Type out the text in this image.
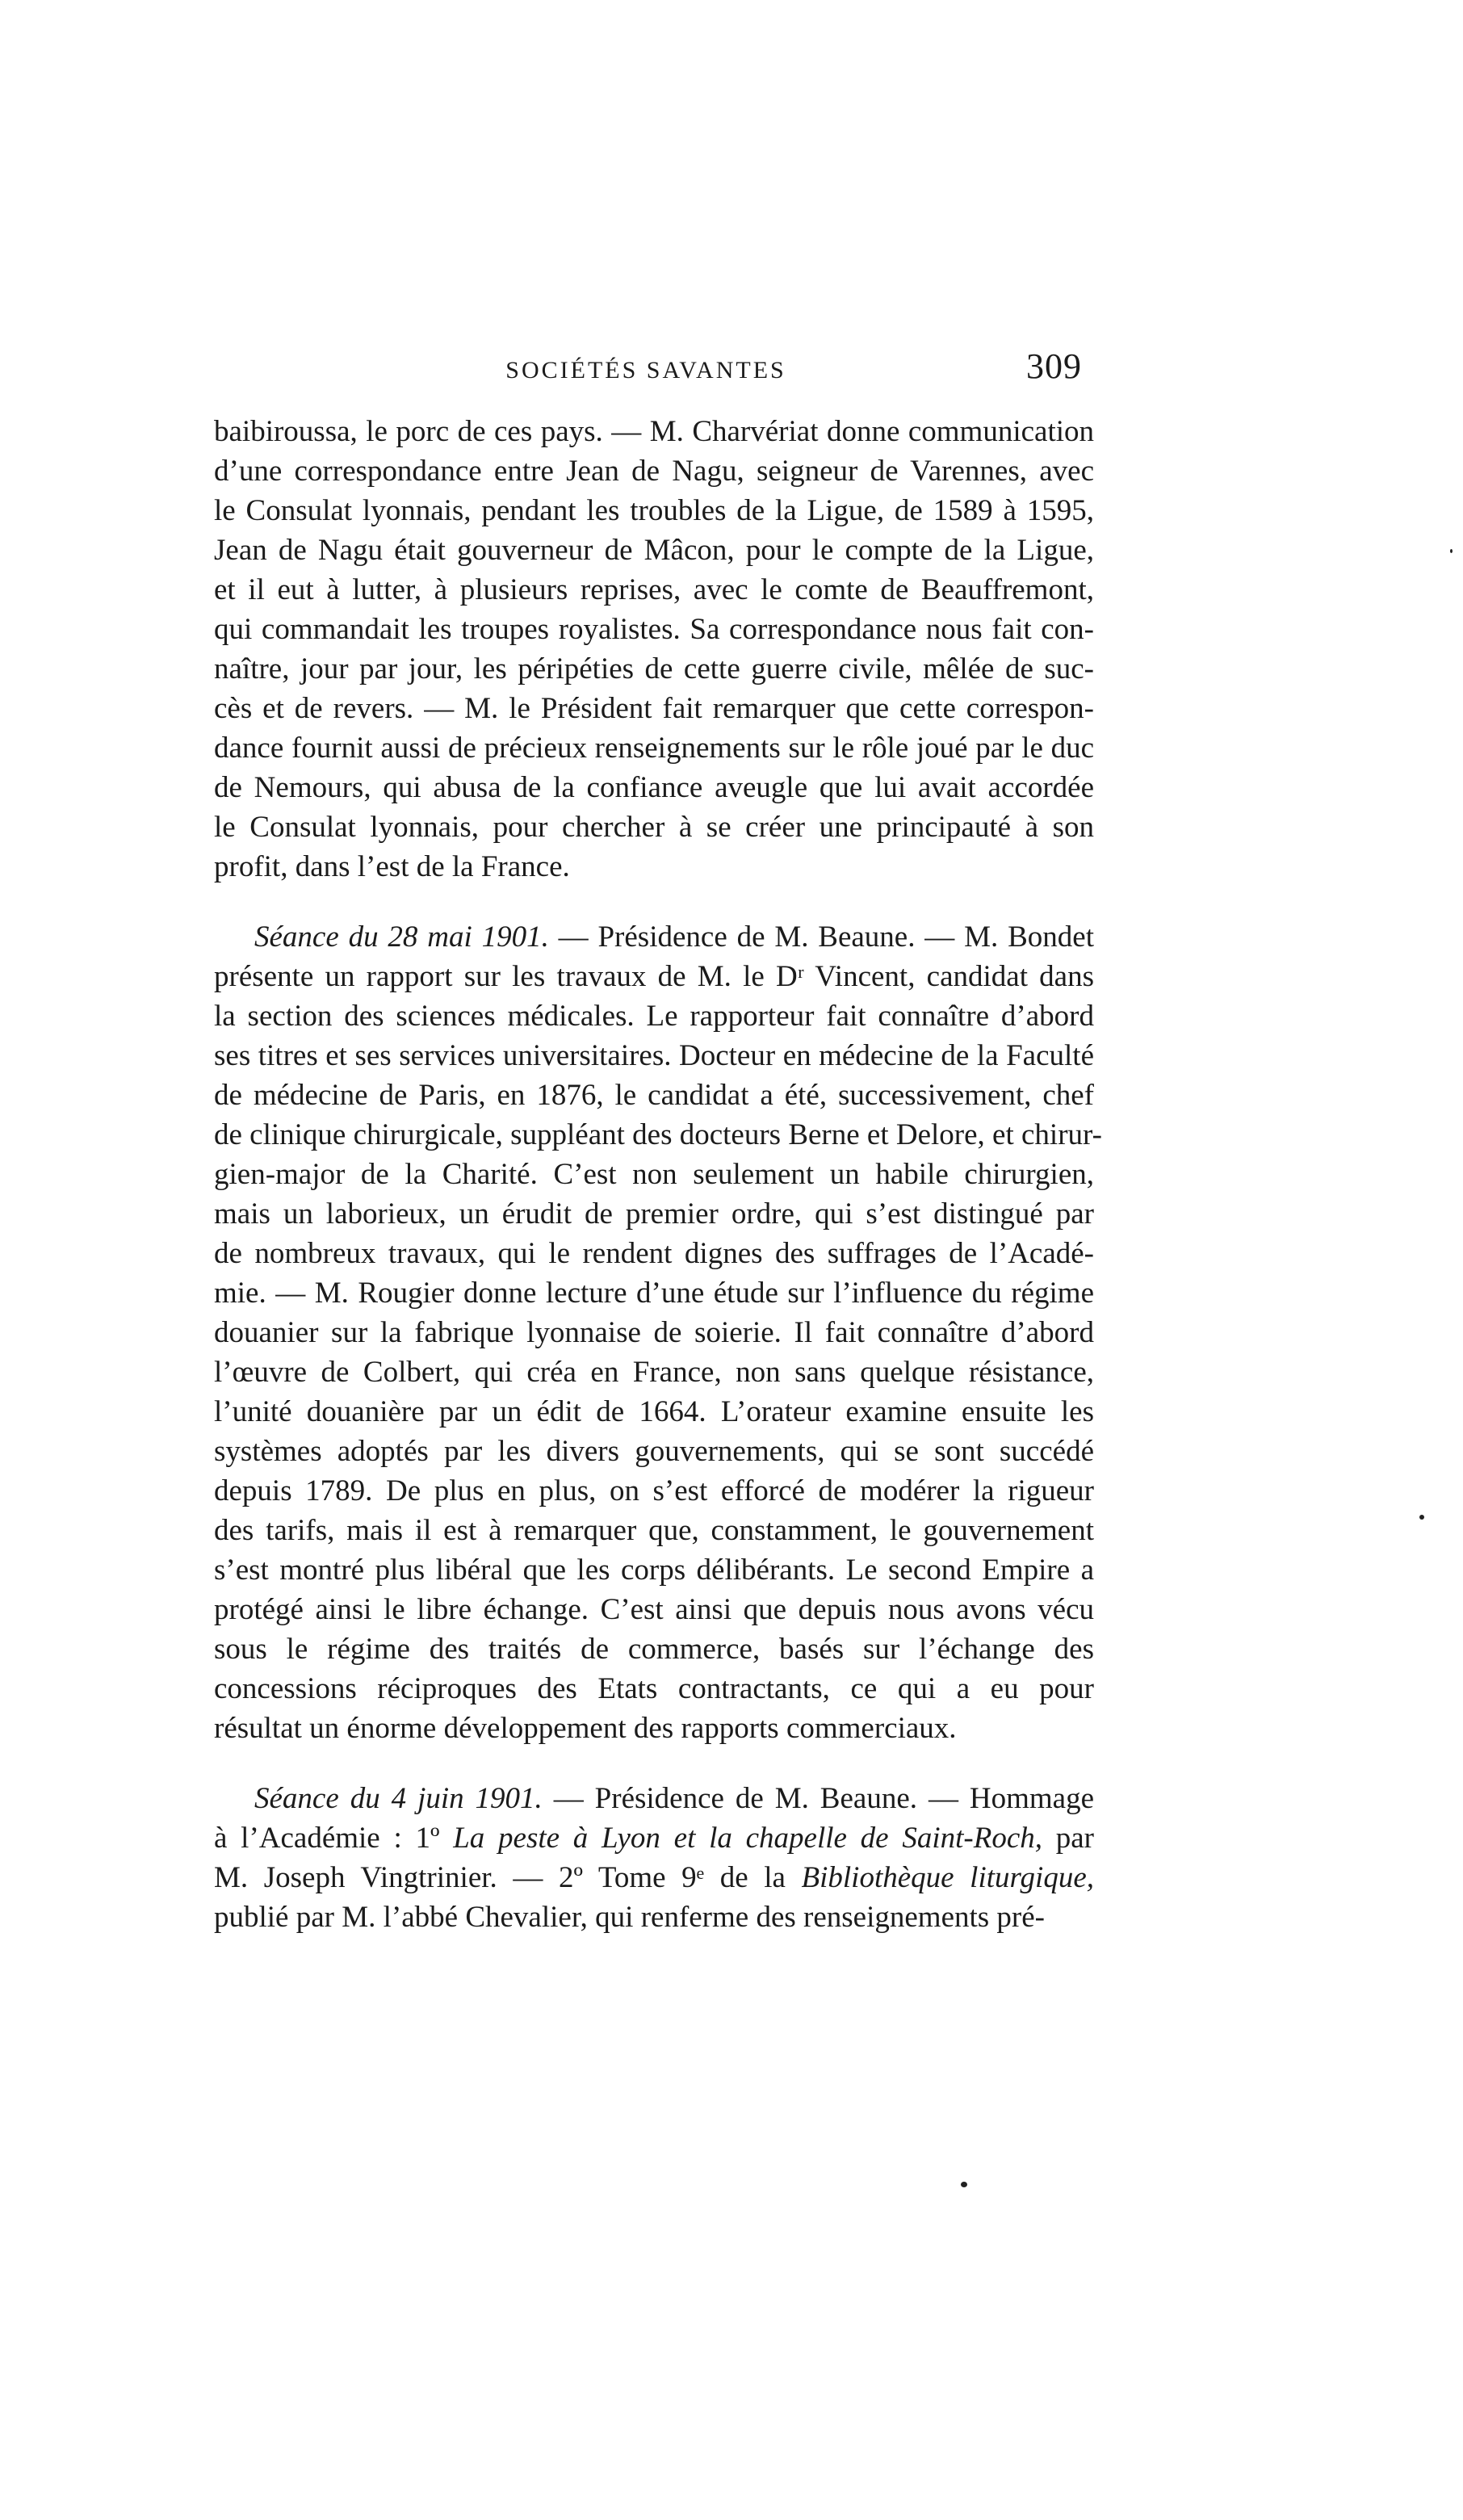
SOCIÉTÉS SAVANTES	309
baibiroussa, le porc de ces pays. — M. Charvériat donne communication
d’une correspondance entre Jean de Nagu, seigneur de Varennes, avec
le Consulat lyonnais, pendant les troubles de la Ligue, de 1589 à 1595,
Jean de Nagu était gouverneur de Mâcon, pour le compte de la Ligue,
et il eut à lutter, à plusieurs reprises, avec le comte de Beauffremont,
qui commandait les troupes royalistes. Sa correspondance nous fait con-
naître, jour par jour, les péripéties de cette guerre civile, mêlée de suc-
cès et de revers. — M. le Président fait remarquer que cette correspon-
dance fournit aussi de précieux renseignements sur le rôle joué par le duc
de Nemours, qui abusa de la confiance aveugle que lui avait accordée
le Consulat lyonnais, pour chercher à se créer une principauté à son
profit, dans l’est de la France.
Séance du 28 mai 1901. — Présidence de M. Beaune. — M. Bondet
présente un rapport sur les travaux de M. le Dʳ Vincent, candidat dans
la section des sciences médicales. Le rapporteur fait connaître d’abord
ses titres et ses services universitaires. Docteur en médecine de la Faculté
de médecine de Paris, en 1876, le candidat a été, successivement, chef
de clinique chirurgicale, suppléant des docteurs Berne et Delore, et chirur-
gien-major de la Charité. C’est non seulement un habile chirurgien,
mais un laborieux, un érudit de premier ordre, qui s’est distingué par
de nombreux travaux, qui le rendent dignes des suffrages de l’Acadé-
mie. — M. Rougier donne lecture d’une étude sur l’influence du régime
douanier sur la fabrique lyonnaise de soierie. Il fait connaître d’abord
l’œuvre de Colbert, qui créa en France, non sans quelque résistance,
l’unité douanière par un édit de 1664. L’orateur examine ensuite les
systèmes adoptés par les divers gouvernements, qui se sont succédé
depuis 1789. De plus en plus, on s’est efforcé de modérer la rigueur
des tarifs, mais il est à remarquer que, constamment, le gouvernement
s’est montré plus libéral que les corps délibérants. Le second Empire a
protégé ainsi le libre échange. C’est ainsi que depuis nous avons vécu
sous le régime des traités de commerce, basés sur l’échange des
concessions réciproques des Etats contractants, ce qui a eu pour
résultat un énorme développement des rapports commerciaux.
Séance du 4 juin 1901. — Présidence de M. Beaune. — Hommage
à l’Académie : 1º La peste à Lyon et la chapelle de Saint-Roch, par
M. Joseph Vingtrinier. — 2º Tome 9ᵉ de la Bibliothèque liturgique,
publié par M. l’abbé Chevalier, qui renferme des renseignements pré-
